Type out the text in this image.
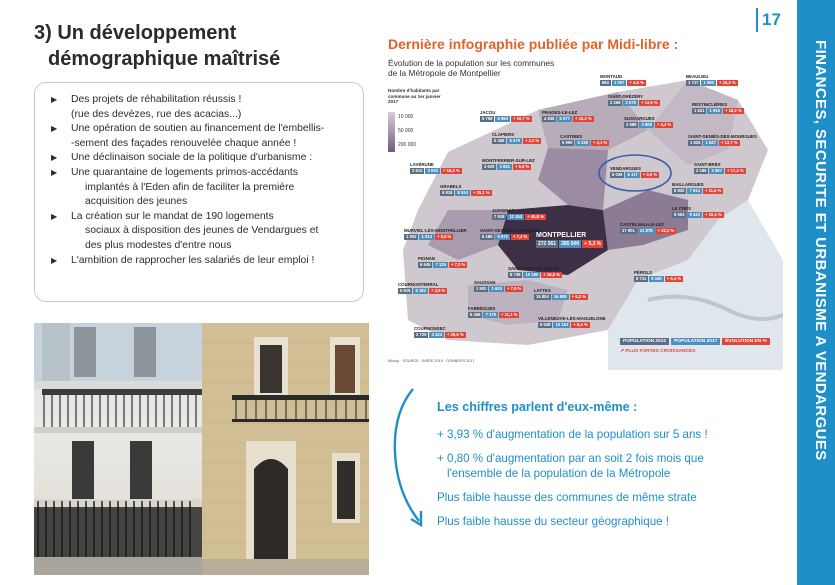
FINANCES, SECURITE ET URBANISME A VENDARGUES
17
3) Un développement
démographique maîtrisé
▶ Des projets de réhabilitation réussis !
(rue des devèzes, rue des acacias...)
▶ Une opération de soutien au financement de l'embellis-
-sement des façades renouvelée chaque année !
▶ Une déclinaison sociale de la politique d'urbanisme :
▶ Une quarantaine de logements primos-accédants
implantés à l'Eden afin de faciliter la première
acquisition des jeunes
▶ La création sur le mandat de 190 logements
sociaux à disposition des jeunes de Vendargues et
des plus modestes d'entre nous
▶ L'ambition de rapprocher les salariés de leur emploi !
Dernière infographie publiée par Midi-libre :
MONTAUD
963	1 007	+ 4,6 %
BEAULIEU
1 717	1 980	+ 15,3 %
SAINT-DRÉZÉRY
2 268	2 575	+ 13,5 %	RESTINCLIÈRES
1 621	1 916	+ 18,2 %
JACOU
5 758	6 893	+ 19,7 %
PRADES-LE-LEZ
4 838	5 577	+ 15,3 %	SUSSARGUES
2 689	2 806	+ 4,4 %
SAINT-GENIÈS-DES-MOURGUES
1 625	1 847	+ 13,7 %
CLAPIERS
5 458	5 579	+ 2,2 %
CASTRIES
5 990	6 238	+ 4,1 %
MONTFERRIER-SUR-LEZ
3 629	3 831	+ 5,6 %	VENDARGUES
6 036	6 117	+ 3,9 %
SAINT-BRÈS
2 186	2 567	+ 17,4 %
BAILLARGUES
6 820	7 614	+ 11,6 %
LAVÉRUNE
2 612	3 040	+ 16,4 %
GRABELS
6 818	8 534	+ 25,1 %
JUVIGNAC
7 918	11 153	+ 40,8 %
LE CRÈS
8 553	9 443	+ 10,4 %
CASTELNAU-LE-LEZ
17 901	21 878	+ 22,2 %
MURVIEL-LÈS-MONTPELLIER
1 902	1 913	+ 0,5 %
SAINT-GEORGES-D'ORQUES
5 186	5 572	+ 7,4 % MONTPELLIER
272 561	285 000	+ 5,3 %
PIGNAN
6 645	7 125	+ 7,2 %
SAINT-JEAN-DE-VÉDAS
8 739	10 180	+ 16,5 %	PÉROLS
8 711	9 180	+ 5,4 %
COURNONTERRAL
5 915	6 182	+ 4,5 %
SAUSSAN
1 502	1 620	+ 7,9 %	LATTES
15 804	16 805	+ 6,3 %
FABRÈGUES
6 458	7 178	+ 11,1 %
VILLENEUVE-LÈS-MAGUELONE
9 538	10 153	+ 6,4 %
COURNONSEC
2 729	3 424	+ 25,5 %
POPULATION 2012	POPULATION 2017	ÉVOLUTION EN %
↗ PLUS FORTES CROISSANCES
Ml/sup · SOURCE : INSEE 2019 · DONNÉES 2017
Évolution de la population sur les communes
de la Métropole de Montpellier
Nombre d'habitants par commune au 1er janvier 2017
10 000
50 000
200 000
Les chiffres parlent d'eux-même :

+ 3,93 % d'augmentation de la population sur 5 ans !

+ 0,80 % d'augmentation par an soit 2 fois mois que
l'ensemble de la population de la Métropole

Plus faible hausse des communes de même strate

Plus faible hausse du secteur géographique !
